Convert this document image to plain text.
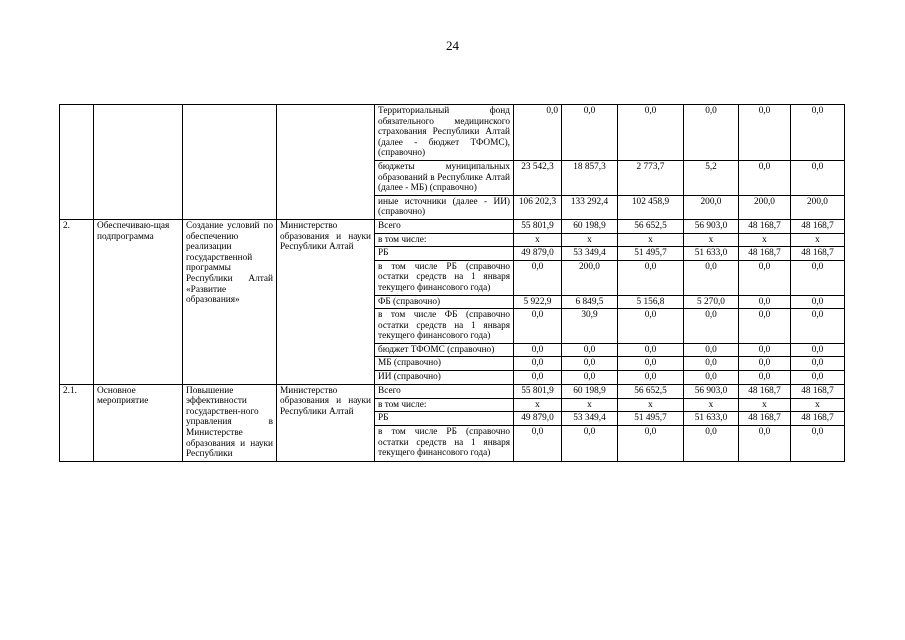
24
				Территориальный фонд обязательного медицинского страхования Республики Алтай (далее - бюджет ТФОМС), (справочно)	0,0	0,0	0,0	0,0	0,0	0,0
				бюджеты муниципальных образований в Республике Алтай (далее - МБ) (справочно)	23 542,3	18 857,3	2 773,7	5,2	0,0	0,0
				иные источники (далее - ИИ) (справочно)	106 202,3	133 292,4	102 458,9	200,0	200,0	200,0
2.	Обеспечиваю-щая подпрограмма	Создание условий по обеспечению реализации государственной программы Республики Алтай «Развитие образования»	Министерство образования и науки Республики Алтай	Всего	55 801,9	60 198,9	56 652,5	56 903,0	48 168,7	48 168,7
				в том числе:	х	х	х	х	х	х
				РБ	49 879,0	53 349,4	51 495,7	51 633,0	48 168,7	48 168,7
				в том числе РБ (справочно остатки средств на 1 января текущего финансового года)	0,0	200,0	0,0	0,0	0,0	0,0
				ФБ (справочно)	5 922,9	6 849,5	5 156,8	5 270,0	0,0	0,0
				в том числе ФБ (справочно остатки средств на 1 января текущего финансового года)	0,0	30,9	0,0	0,0	0,0	0,0
				бюджет ТФОМС (справочно)	0,0	0,0	0,0	0,0	0,0	0,0
				МБ (справочно)	0,0	0,0	0,0	0,0	0,0	0,0
				ИИ (справочно)	0,0	0,0	0,0	0,0	0,0	0,0
2.1.	Основное мероприятие	Повышение эффективности государствен-ного управления в Министерстве образования и науки Республики	Министерство образования и науки Республики Алтай	Всего	55 801,9	60 198,9	56 652,5	56 903,0	48 168,7	48 168,7
				в том числе:	х	х	х	х	х	х
				РБ	49 879,0	53 349,4	51 495,7	51 633,0	48 168,7	48 168,7
				в том числе РБ (справочно остатки средств на 1 января текущего финансового года)	0,0	0,0	0,0	0,0	0,0	0,0
